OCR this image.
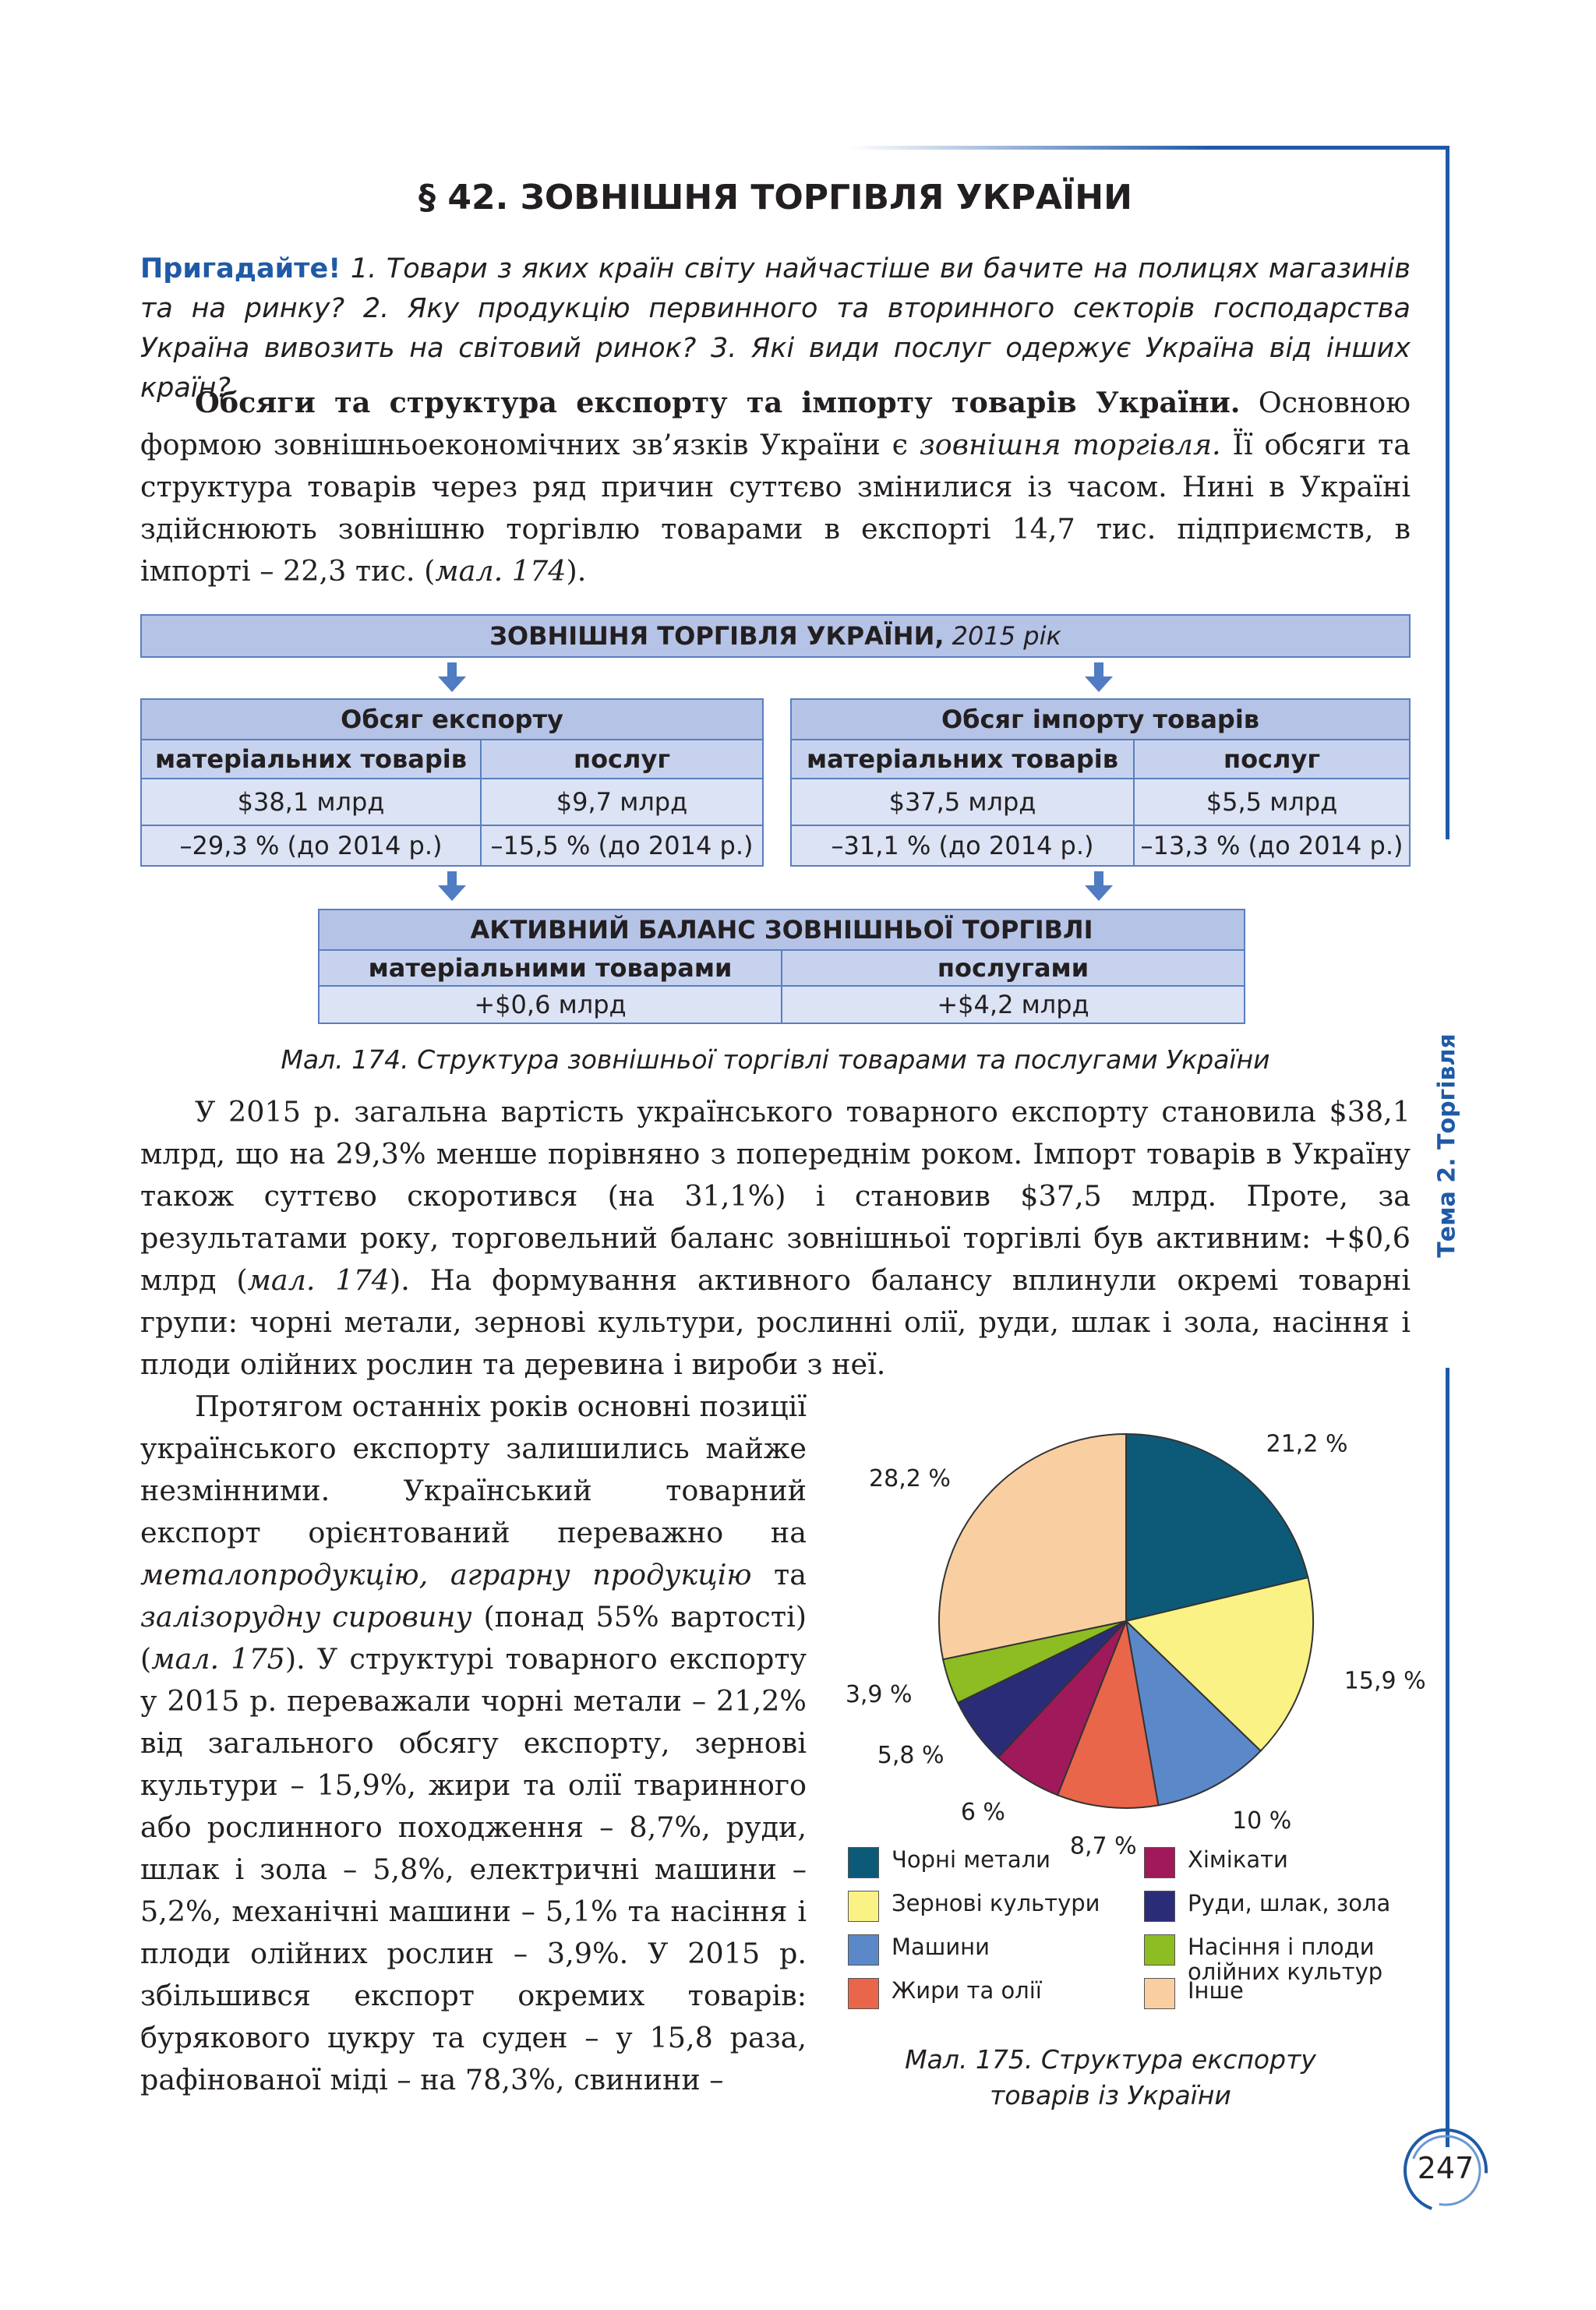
Тема 2. Торгівля
§ 42. ЗОВНІШНЯ ТОРГІВЛЯ УКРАЇНИ
Пригадайте! 1. Товари з яких країн світу найчастіше ви бачите на полицях магазинів та на ринку? 2. Яку продукцію первинного та вторинного секторів господарства Україна вивозить на світовий ринок? 3. Які види послуг одержує Україна від інших країн?
Обсяги та структура експорту та імпорту товарів України. Основною формою зовнішньоекономічних зв’язків України є зовнішня торгівля. Її обсяги та структура товарів через ряд причин суттєво змінилися із часом. Нині в Україні здійснюють зовнішню торгівлю товарами в експорті 14,7 тис. підприємств, в імпорті – 22,3 тис. (мал. 174).
ЗОВНІШНЯ ТОРГІВЛЯ УКРАЇНИ, 2015 рік
Обсяг експорту
матеріальних товарів	послуг
$38,1 млрд	$9,7 млрд
–29,3 % (до 2014 р.)	–15,5 % (до 2014 р.)
Обсяг імпорту товарів
матеріальних товарів	послуг
$37,5 млрд	$5,5 млрд
–31,1 % (до 2014 р.)	–13,3 % (до 2014 р.)
АКТИВНИЙ БАЛАНС ЗОВНІШНЬОЇ ТОРГІВЛІ
матеріальними товарами	послугами
+$0,6 млрд	+$4,2 млрд
Мал. 174. Структура зовнішньої торгівлі товарами та послугами України
У 2015 р. загальна вартість українського товарного експорту становила $38,1 млрд, що на 29,3% менше порівняно з попереднім роком. Імпорт товарів в Україну також суттєво скоротився (на 31,1%) і становив $37,5 млрд. Проте, за результатами року, торговельний баланс зовнішньої торгівлі був активним: +$0,6 млрд (мал. 174). На формування активного балансу вплинули окремі товарні групи: чорні метали, зернові культури, рослинні олії, руди, шлак і зола, насіння і плоди олійних рослин та деревина і вироби з неї.
Протягом останніх років основні позиції українського експорту залишились майже незмінними. Український товарний експорт орієнтований переважно на металопродукцію, аграрну продукцію та залізорудну сировину (понад 55% вартості) (мал. 175). У структурі товарного експорту у 2015 р. переважали чорні метали – 21,2% від загального обсягу експорту, зернові культури – 15,9%, жири та олії тваринного або рослинного походження – 8,7%, руди, шлак і зола – 5,8%, електричні машини – 5,2%, механічні машини – 5,1% та насіння і плоди олійних рослин – 3,9%. У 2015 р. збільшився експорт окремих товарів: бурякового цукру та суден – у 15,8 раза, рафінованої міді – на 78,3%, свинини –
21,2 %
15,9 %
10 %
8,7 %
6 %
5,8 %
3,9 %
28,2 %
Чорні метали
Зернові культури
Машини
Жири та олії
Хімікати
Руди, шлак, зола
Насіння і плоди олійних культур
Інше
Мал. 175. Структура експорту
товарів із України
247
